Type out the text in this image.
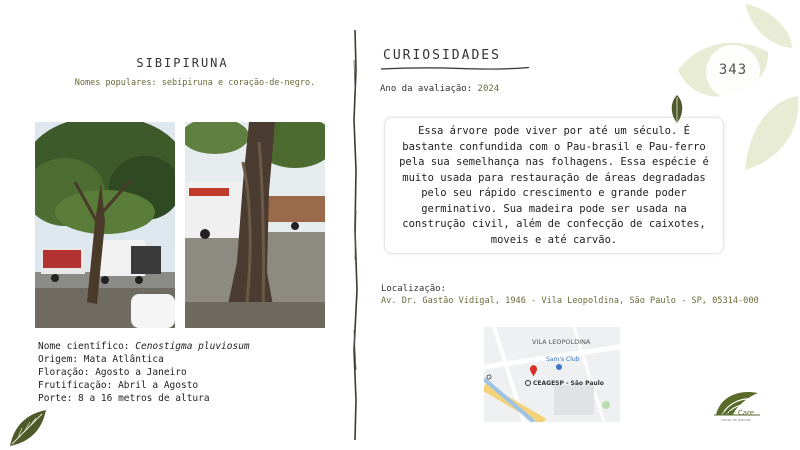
SIBIPIRUNA
Nomes populares: sebipiruna e coração-de-negro.
Nome científico: Cenostigma pluviosum
Origem: Mata Atlântica
Floração: Agosto a Janeiro
Frutificação: Abril a Agosto
Porte: 8 a 16 metros de altura
CURIOSIDADES
Ano da avaliação: 2024
Essa árvore pode viver por até um século. É bastante confundida com o Pau-brasil e Pau-ferro pela sua semelhança nas folhagens. Essa espécie é muito usada para restauração de áreas degradadas pelo seu rápido crescimento e grande poder germinativo. Sua madeira pode ser usada na construção civil, além de confecção de caixotes, moveis e até carvão.
Localização:
Av. Dr. Gastão Vidigal, 1946 - Vila Leopoldina, São Paulo - SP, 05314-000
VILA LEOPOLDINA
Sam's Club
CEAGESP - São Paulo
343
Plant Care
censo de plantas
